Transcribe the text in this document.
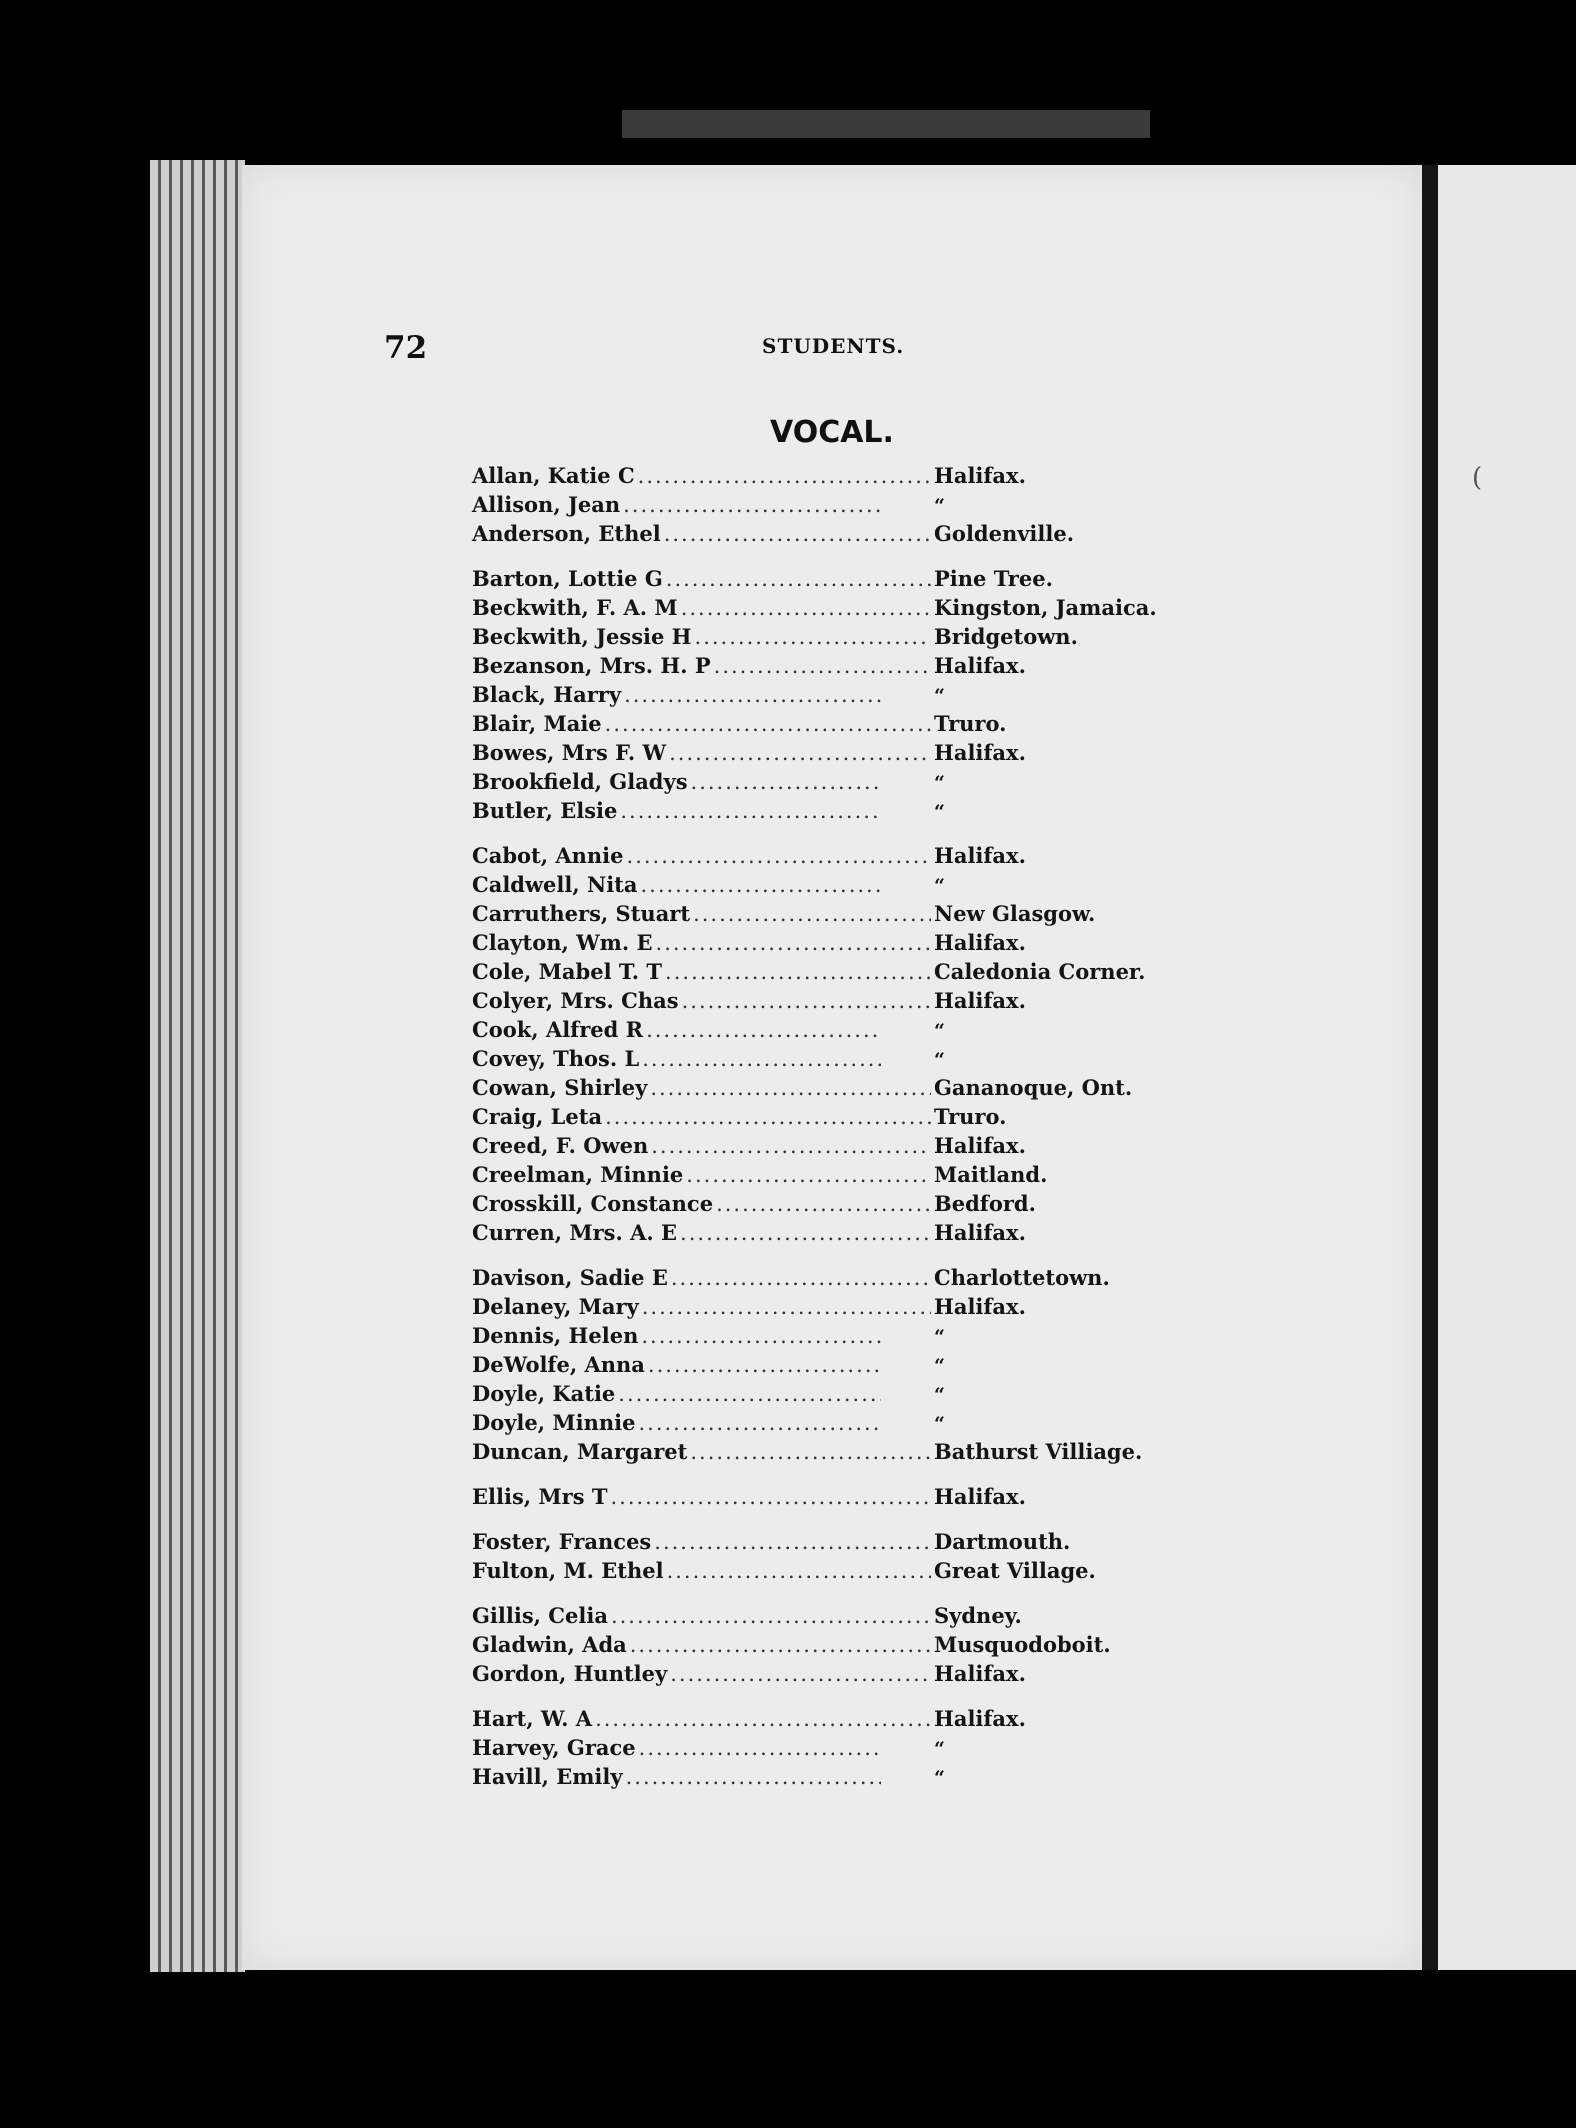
72	STUDENTS.
VOCAL.
(
Allan, Katie C .....	Halifax.
Allison, Jean .....	“
Anderson, Ethel .....	Goldenville.
Barton, Lottie G .....	Pine Tree.
Beckwith, F. A. M .....	Kingston, Jamaica.
Beckwith, Jessie H .....	Bridgetown.
Bezanson, Mrs. H. P .....	Halifax.
Black, Harry .....	“
Blair, Maie .....	Truro.
Bowes, Mrs F. W .....	Halifax.
Brookfield, Gladys .....	“
Butler, Elsie .....	“
Cabot, Annie .....	Halifax.
Caldwell, Nita .....	“
Carruthers, Stuart .....	New Glasgow.
Clayton, Wm. E .....	Halifax.
Cole, Mabel T. T .....	Caledonia Corner.
Colyer, Mrs. Chas .....	Halifax.
Cook, Alfred R .....	“
Covey, Thos. L .....	“
Cowan, Shirley .....	Gananoque, Ont.
Craig, Leta .....	Truro.
Creed, F. Owen .....	Halifax.
Creelman, Minnie .....	Maitland.
Crosskill, Constance .....	Bedford.
Curren, Mrs. A. E .....	Halifax.
Davison, Sadie E .....	Charlottetown.
Delaney, Mary .....	Halifax.
Dennis, Helen .....	“
DeWolfe, Anna .....	“
Doyle, Katie .....	“
Doyle, Minnie .....	“
Duncan, Margaret .....	Bathurst Villiage.
Ellis, Mrs T .....	Halifax.
Foster, Frances .....	Dartmouth.
Fulton, M. Ethel .....	Great Village.
Gillis, Celia .....	Sydney.
Gladwin, Ada .....	Musquodoboit.
Gordon, Huntley .....	Halifax.
Hart, W. A .....	Halifax.
Harvey, Grace .....	“
Havill, Emily .....	“
